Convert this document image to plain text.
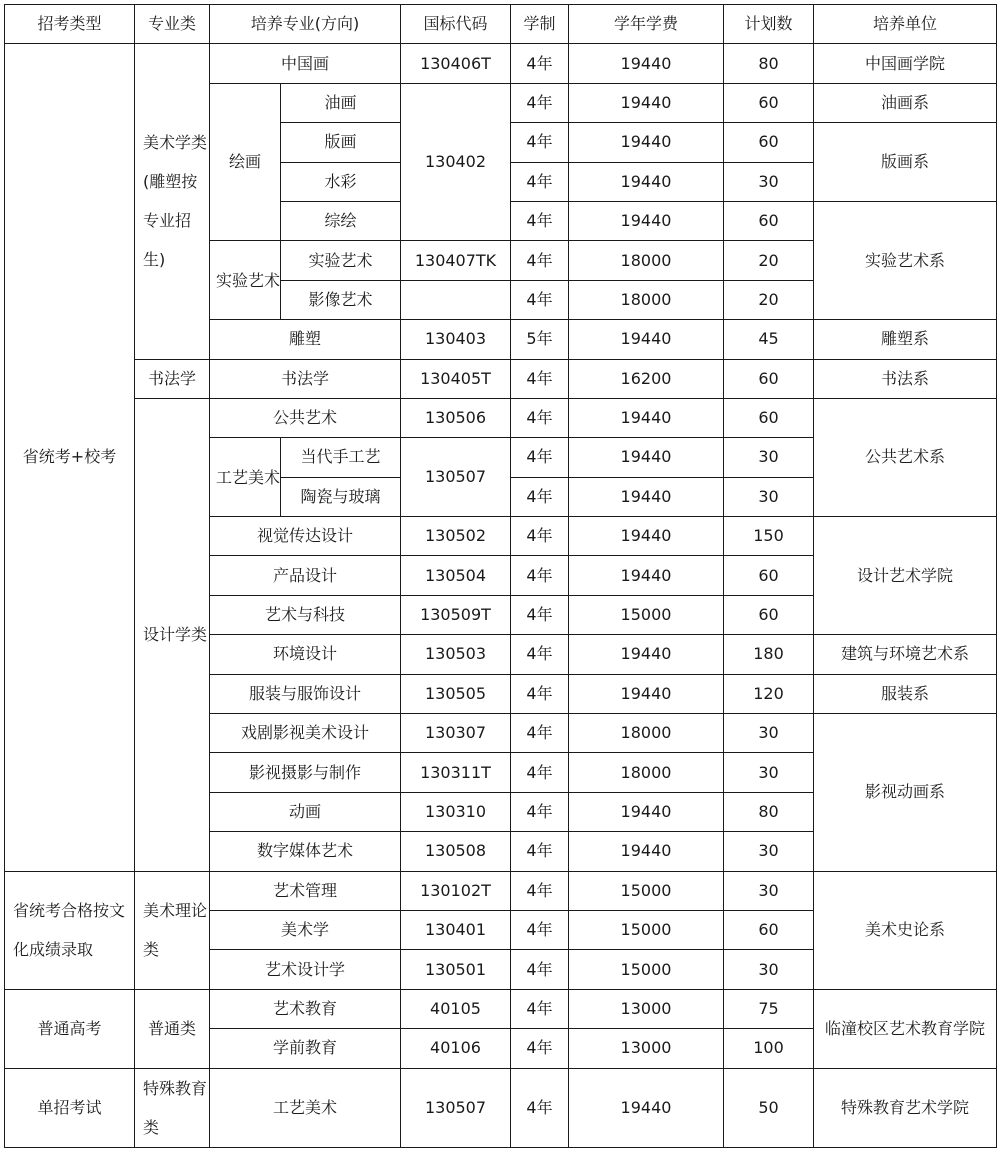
招考类型	专业类	培养专业(方向)		国标代码	学制	学年学费	计划数	培养单位
省统考+校考	美术学类(雕塑按专业招生)	中国画		130406T	4年	19440	80	中国画学院
		绘画	油画	130402	4年	19440	60	油画系
			版画		4年	19440	60	版画系
			水彩		4年	19440	30	
			综绘		4年	19440	60	实验艺术系
		实验艺术	实验艺术	130407TK	4年	18000	20	
			影像艺术		4年	18000	20	
		雕塑		130403	5年	19440	45	雕塑系
	书法学	书法学		130405T	4年	16200	60	书法系
	设计学类	公共艺术		130506	4年	19440	60	公共艺术系
		工艺美术	当代手工艺	130507	4年	19440	30	
			陶瓷与玻璃		4年	19440	30	
		视觉传达设计		130502	4年	19440	150	设计艺术学院
		产品设计		130504	4年	19440	60	
		艺术与科技		130509T	4年	15000	60	
		环境设计		130503	4年	19440	180	建筑与环境艺术系
		服装与服饰设计		130505	4年	19440	120	服装系
		戏剧影视美术设计		130307	4年	18000	30	影视动画系
		影视摄影与制作		130311T	4年	18000	30	
		动画		130310	4年	19440	80	
		数字媒体艺术		130508	4年	19440	30	
省统考合格按文化成绩录取	美术理论类	艺术管理		130102T	4年	15000	30	美术史论系
		美术学		130401	4年	15000	60	
		艺术设计学		130501	4年	15000	30	
普通高考	普通类	艺术教育		40105	4年	13000	75	临潼校区艺术教育学院
		学前教育		40106	4年	13000	100	
单招考试	特殊教育类	工艺美术		130507	4年	19440	50	特殊教育艺术学院
